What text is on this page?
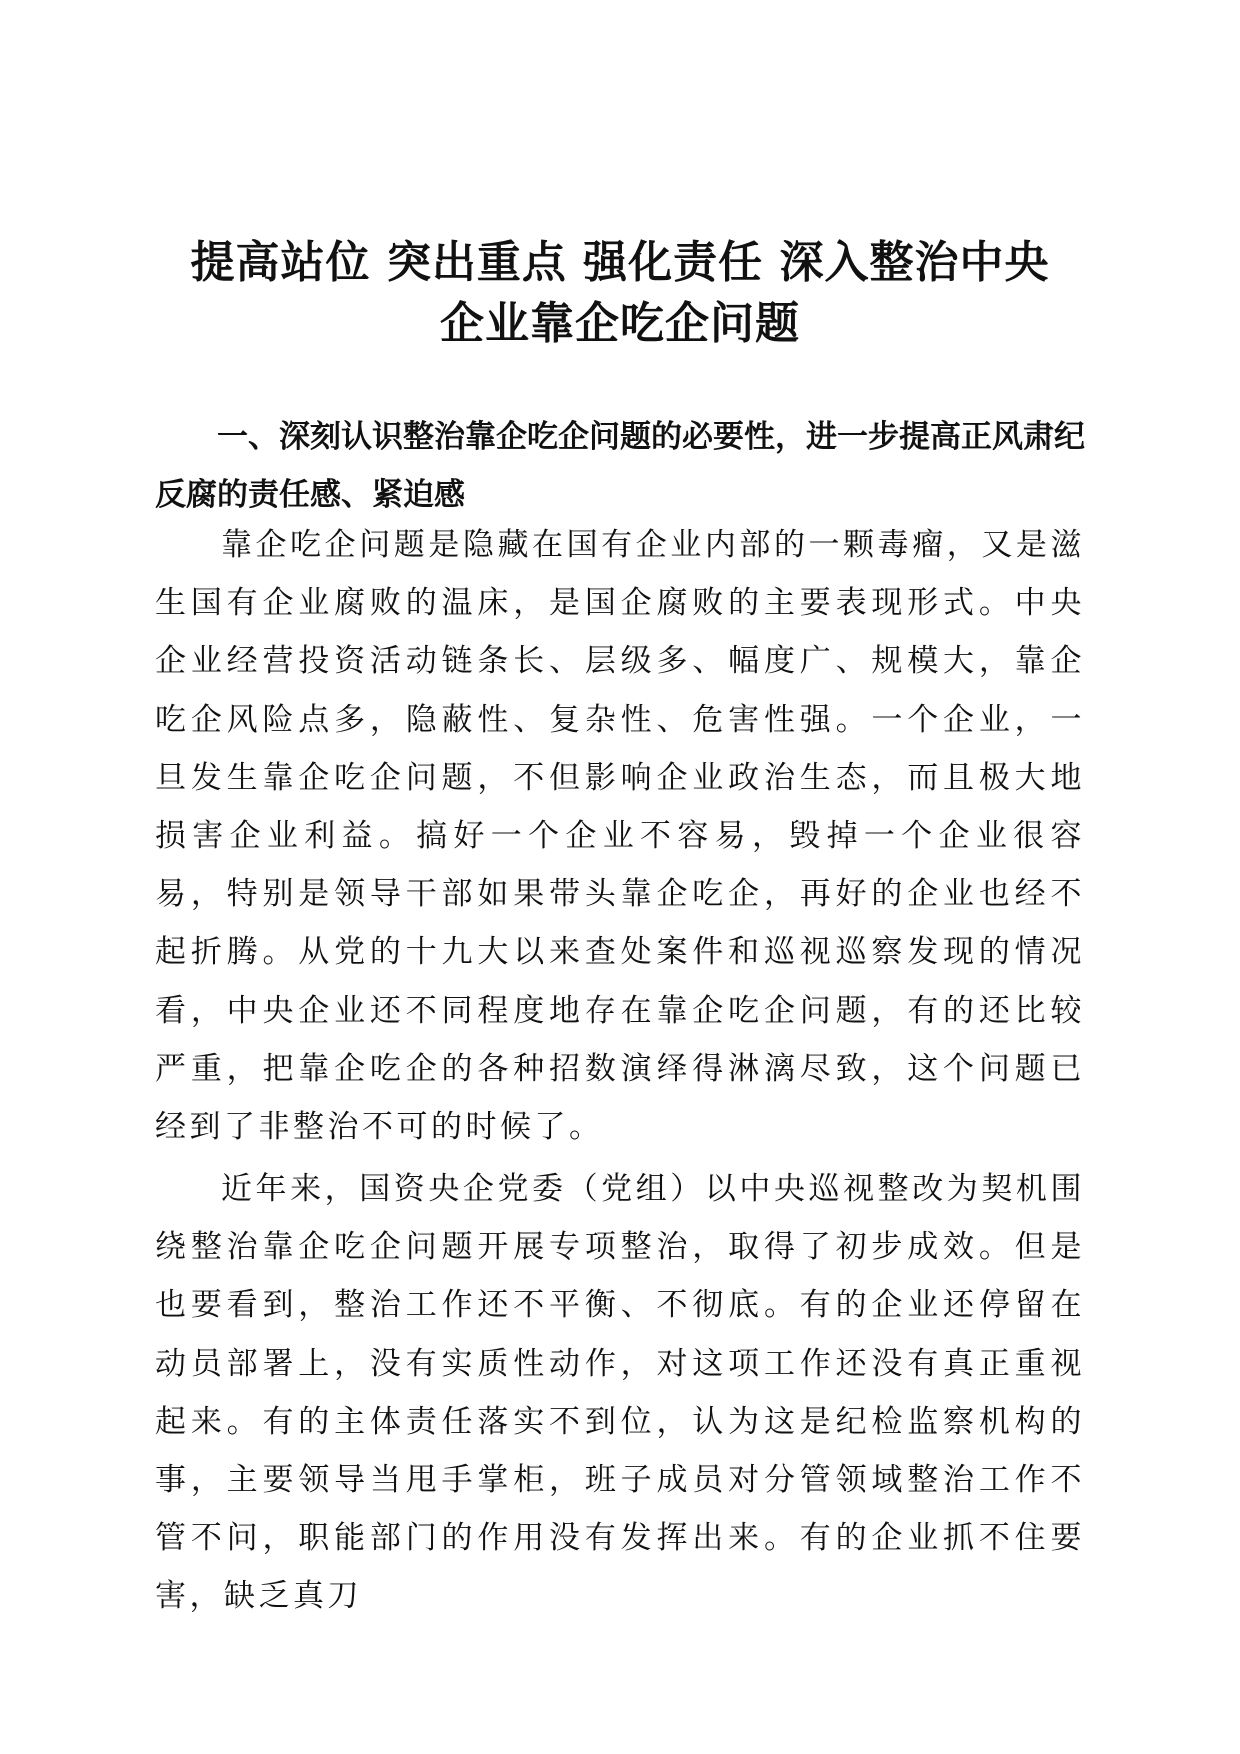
提高站位 突出重点 强化责任 深入整治中央
企业靠企吃企问题

一、深刻认识整治靠企吃企问题的必要性，进一步提高正风肃纪反腐的责任感、紧迫感

靠企吃企问题是隐藏在国有企业内部的一颗毒瘤，又是滋生国有企业腐败的温床，是国企腐败的主要表现形式。中央企业经营投资活动链条长、层级多、幅度广、规模大，靠企吃企风险点多，隐蔽性、复杂性、危害性强。一个企业，一旦发生靠企吃企问题，不但影响企业政治生态，而且极大地损害企业利益。搞好一个企业不容易，毁掉一个企业很容易，特别是领导干部如果带头靠企吃企，再好的企业也经不起折腾。从党的十九大以来查处案件和巡视巡察发现的情况看，中央企业还不同程度地存在靠企吃企问题，有的还比较严重，把靠企吃企的各种招数演绎得淋漓尽致，这个问题已经到了非整治不可的时候了。

近年来，国资央企党委（党组）以中央巡视整改为契机围绕整治靠企吃企问题开展专项整治，取得了初步成效。但是也要看到，整治工作还不平衡、不彻底。有的企业还停留在动员部署上，没有实质性动作，对这项工作还没有真正重视起来。有的主体责任落实不到位，认为这是纪检监察机构的事，主要领导当甩手掌柜，班子成员对分管领域整治工作不管不问，职能部门的作用没有发挥出来。有的企业抓不住要害，缺乏真刀
